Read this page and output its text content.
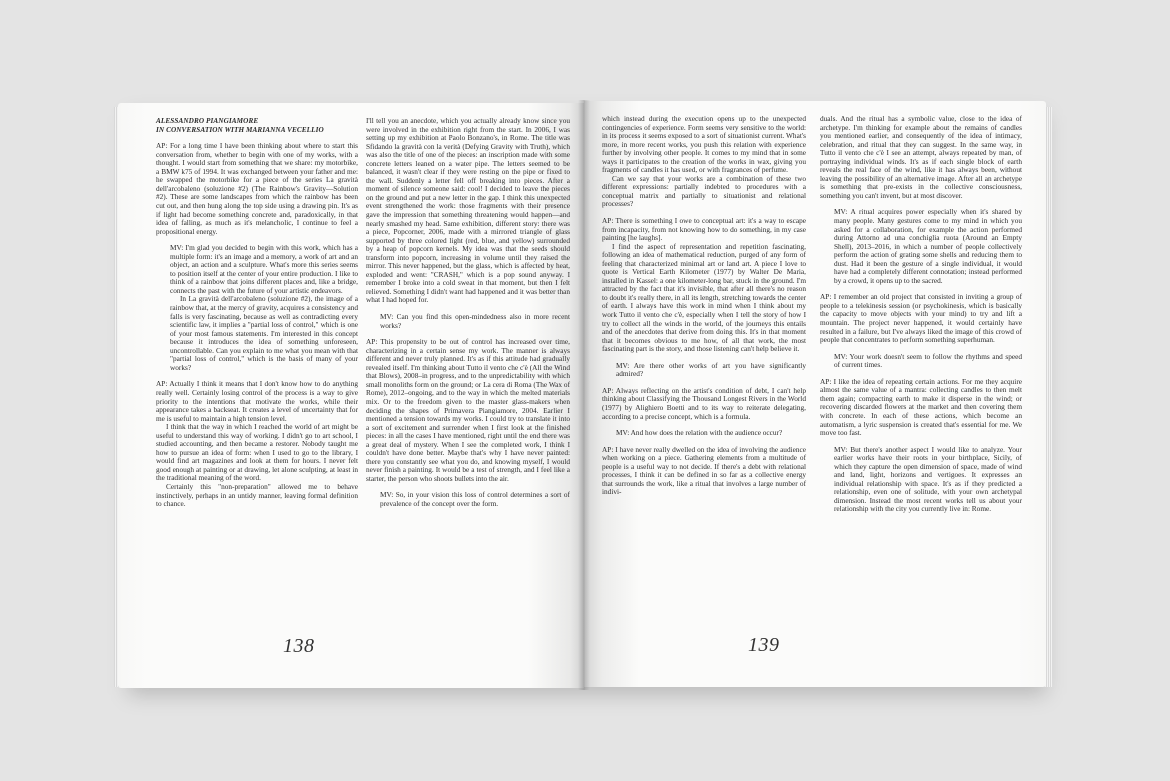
ALESSANDRO PIANGIAMORE
IN CONVERSATION WITH MARIANNA VECELLIO

AP: For a long time I have been thinking about where to start this conversation from, whether to begin with one of my works, with a thought. I would start from something that we share: my motorbike, a BMW k75 of 1994. It was exchanged between your father and me: he swapped the motorbike for a piece of the series La gravità dell'arcobaleno (soluzione #2) (The Rainbow's Gravity—Solution #2). These are some landscapes from which the rainbow has been cut out, and then hung along the top side using a drawing pin. It's as if light had become something concrete and, paradoxically, in that idea of falling, as much as it's melancholic, I continue to feel a propositional energy.

MV: I'm glad you decided to begin with this work, which has a multiple form: it's an image and a memory, a work of art and an object, an action and a sculpture. What's more this series seems to position itself at the center of your entire production. I like to think of a rainbow that joins different places and, like a bridge, connects the past with the future of your artistic endeavors.

In La gravità dell'arcobaleno (soluzione #2), the image of a rainbow that, at the mercy of gravity, acquires a consistency and falls is very fascinating, because as well as contradicting every scientific law, it implies a "partial loss of control," which is one of your most famous statements. I'm interested in this concept because it introduces the idea of something unforeseen, uncontrollable. Can you explain to me what you mean with that "partial loss of control," which is the basis of many of your works?

AP: Actually I think it means that I don't know how to do anything really well. Certainly losing control of the process is a way to give priority to the intentions that motivate the works, while their appearance takes a backseat. It creates a level of uncertainty that for me is useful to maintain a high tension level.

I think that the way in which I reached the world of art might be useful to understand this way of working. I didn't go to art school, I studied accounting, and then became a restorer. Nobody taught me how to pursue an idea of form: when I used to go to the library, I would find art magazines and look at them for hours. I never felt good enough at painting or at drawing, let alone sculpting, at least in the traditional meaning of the word.

Certainly this "non-preparation" allowed me to behave instinctively, perhaps in an untidy manner, leaving formal definition to chance.

I'll tell you an anecdote, which you actually already know since you were involved in the exhibition right from the start. In 2006, I was setting up my exhibition at Paolo Bonzano's, in Rome. The title was Sfidando la gravità con la verità (Defying Gravity with Truth), which was also the title of one of the pieces: an inscription made with some concrete letters leaned on a water pipe. The letters seemed to be balanced, it wasn't clear if they were resting on the pipe or fixed to the wall. Suddenly a letter fell off breaking into pieces. After a moment of silence someone said: cool! I decided to leave the pieces on the ground and put a new letter in the gap. I think this unexpected event strengthened the work: those fragments with their presence gave the impression that something threatening would happen—and nearly smashed my head. Same exhibition, different story: there was a piece, Popcorner, 2006, made with a mirrored triangle of glass supported by three colored light (red, blue, and yellow) surrounded by a heap of popcorn kernels. My idea was that the seeds should transform into popcorn, increasing in volume until they raised the mirror. This never happened, but the glass, which is affected by heat, exploded and went: "CRASH," which is a pop sound anyway. I remember I broke into a cold sweat in that moment, but then I felt relieved. Something I didn't want had happened and it was better than what I had hoped for.

MV: Can you find this open-mindedness also in more recent works?

AP: This propensity to be out of control has increased over time, characterizing in a certain sense my work. The manner is always different and never truly planned. It's as if this attitude had gradually revealed itself. I'm thinking about Tutto il vento che c'è (All the Wind that Blows), 2008–in progress, and to the unpredictability with which small monoliths form on the ground; or La cera di Roma (The Wax of Rome), 2012–ongoing, and to the way in which the melted materials mix. Or to the freedom given to the master glass-makers when deciding the shapes of Primavera Piangiamore, 2004. Earlier I mentioned a tension towards my works. I could try to translate it into a sort of excitement and surrender when I first look at the finished pieces: in all the cases I have mentioned, right until the end there was a great deal of mystery. When I see the completed work, I think I couldn't have done better. Maybe that's why I have never painted: there you constantly see what you do, and knowing myself, I would never finish a painting. It would be a test of strength, and I feel like a starter, the person who shoots bullets into the air.

MV: So, in your vision this loss of control determines a sort of prevalence of the concept over the form.

138

which instead during the execution opens up to the unexpected contingencies of experience. Form seems very sensitive to the world: in its process it seems exposed to a sort of situationist current. What's more, in more recent works, you push this relation with experience further by involving other people. It comes to my mind that in some ways it participates to the creation of the works in wax, giving you fragments of candles it has used, or with fragrances of perfume.

Can we say that your works are a combination of these two different expressions: partially indebted to procedures with a conceptual matrix and partially to situationist and relational processes?

AP: There is something I owe to conceptual art: it's a way to escape from incapacity, from not knowing how to do something, in my case painting [he laughs].

I find the aspect of representation and repetition fascinating, following an idea of mathematical reduction, purged of any form of feeling that characterized minimal art or land art. A piece I love to quote is Vertical Earth Kilometer (1977) by Walter De Maria, installed in Kassel: a one kilometer-long bar, stuck in the ground. I'm attracted by the fact that it's invisible, that after all there's no reason to doubt it's really there, in all its length, stretching towards the center of earth. I always have this work in mind when I think about my work Tutto il vento che c'è, especially when I tell the story of how I try to collect all the winds in the world, of the journeys this entails and of the anecdotes that derive from doing this. It's in that moment that it becomes obvious to me how, of all that work, the most fascinating part is the story, and those listening can't help believe it.

MV: Are there other works of art you have significantly admired?

AP: Always reflecting on the artist's condition of debt, I can't help thinking about Classifying the Thousand Longest Rivers in the World (1977) by Alighiero Boetti and to its way to reiterate delegating, according to a precise concept, which is a formula.

MV: And how does the relation with the audience occur?

AP: I have never really dwelled on the idea of involving the audience when working on a piece. Gathering elements from a multitude of people is a useful way to not decide. If there's a debt with relational processes, I think it can be defined in so far as a collective energy that surrounds the work, like a ritual that involves a large number of indivi-

duals. And the ritual has a symbolic value, close to the idea of archetype. I'm thinking for example about the remains of candles you mentioned earlier, and consequently of the idea of intimacy, celebration, and ritual that they can suggest. In the same way, in Tutto il vento che c'è I see an attempt, always repeated by man, of portraying individual winds. It's as if each single block of earth reveals the real face of the wind, like it has always been, without leaving the possibility of an alternative image. After all an archetype is something that pre-exists in the collective consciousness, something you can't invent, but at most discover.

MV: A ritual acquires power especially when it's shared by many people. Many gestures come to my mind in which you asked for a collaboration, for example the action performed during Attorno ad una conchiglia ruota (Around an Empty Shell), 2013–2016, in which a number of people collectively perform the action of grating some shells and reducing them to dust. Had it been the gesture of a single individual, it would have had a completely different connotation; instead performed by a crowd, it opens up to the sacred.

AP: I remember an old project that consisted in inviting a group of people to a telekinesis session (or psychokinesis, which is basically the capacity to move objects with your mind) to try and lift a mountain. The project never happened, it would certainly have resulted in a failure, but I've always liked the image of this crowd of people that concentrates to perform something superhuman.

MV: Your work doesn't seem to follow the rhythms and speed of current times.

AP: I like the idea of repeating certain actions. For me they acquire almost the same value of a mantra: collecting candles to then melt them again; compacting earth to make it disperse in the wind; or recovering discarded flowers at the market and then covering them with concrete. In each of these actions, which become an automatism, a lyric suspension is created that's essential for me. We move too fast.

MV: But there's another aspect I would like to analyze. Your earlier works have their roots in your birthplace, Sicily, of which they capture the open dimension of space, made of wind and land, light, horizons and vertigoes. It expresses an individual relationship with space. It's as if they predicted a relationship, even one of solitude, with your own archetypal dimension. Instead the most recent works tell us about your relationship with the city you currently live in: Rome.

139
